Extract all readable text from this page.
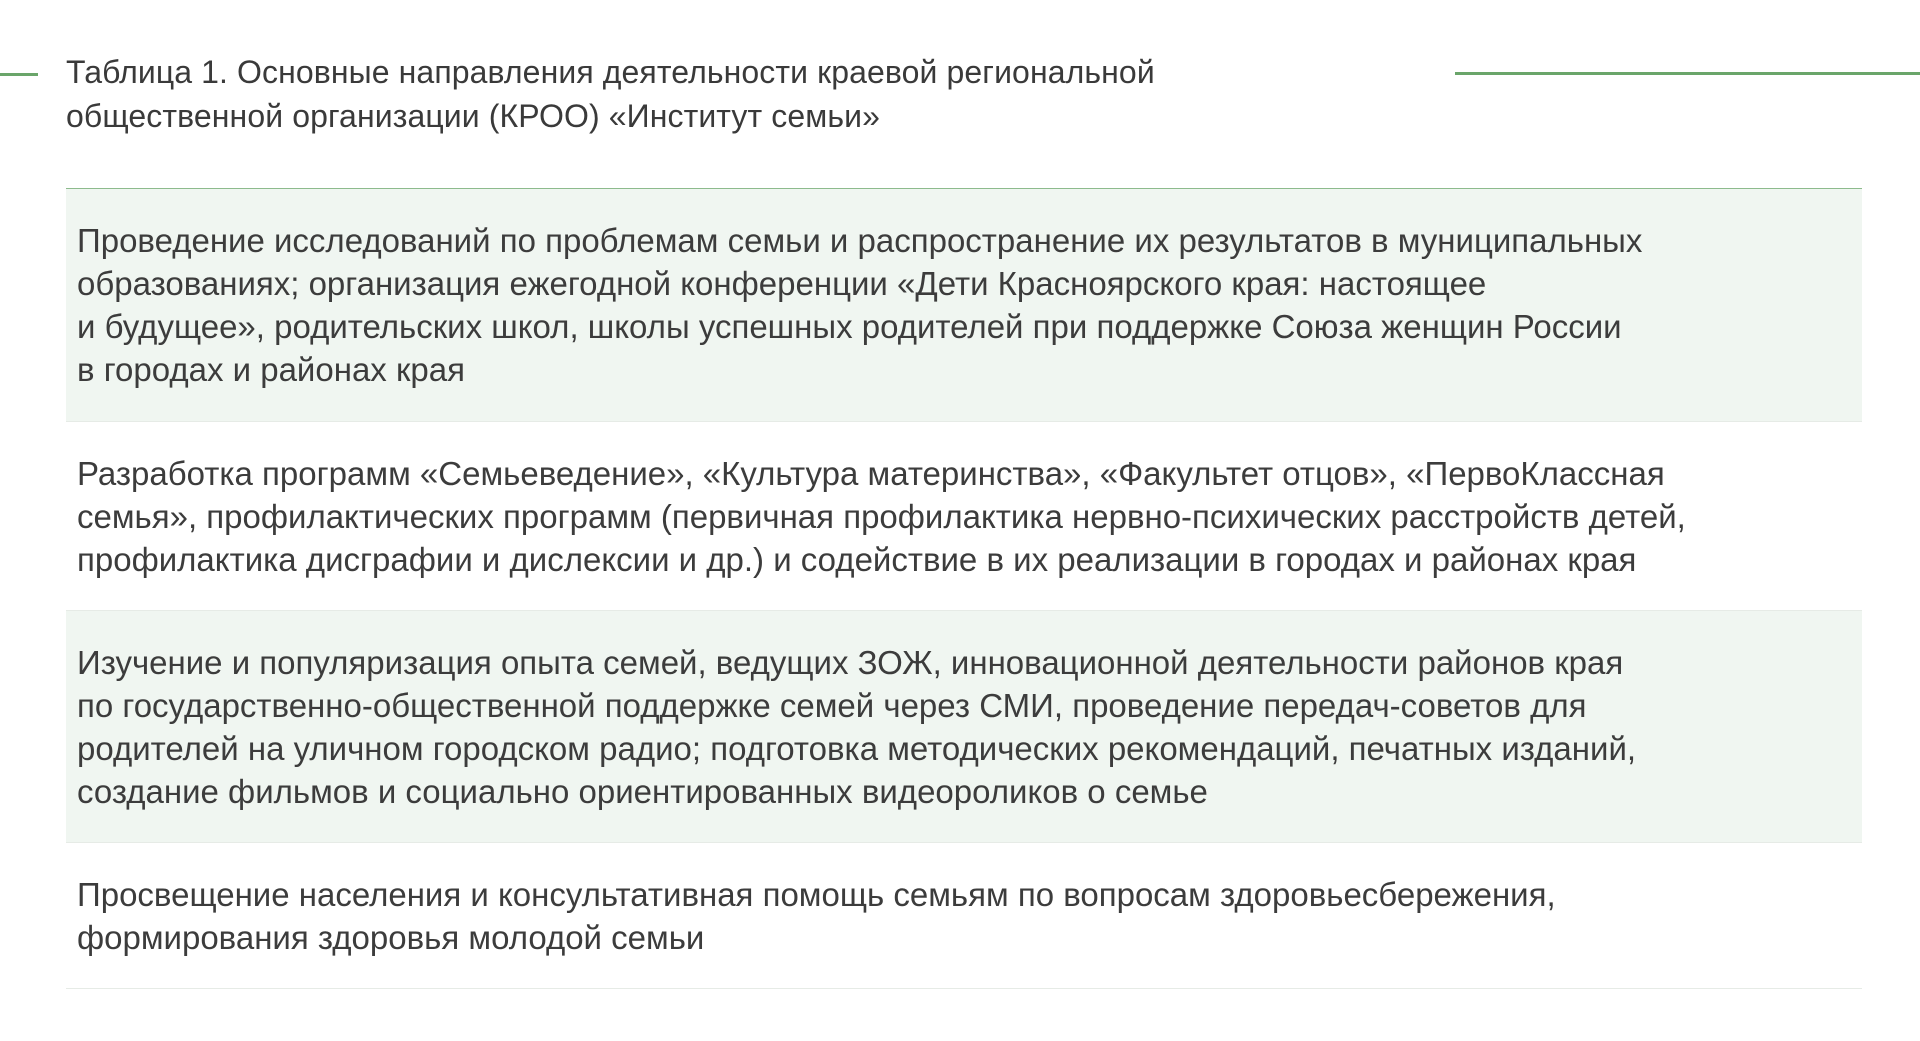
Таблица 1. Основные направления деятельности краевой региональной
общественной организации (КРОО) «Институт семьи»
Проведение исследований по проблемам семьи и распространение их результатов в муниципальных
образованиях; организация ежегодной конференции «Дети Красноярского края: настоящее
и будущее», родительских школ, школы успешных родителей при поддержке Союза женщин России
в городах и районах края
Разработка программ «Семьеведение», «Культура материнства», «Факультет отцов», «ПервоКлассная
семья», профилактических программ (первичная профилактика нервно-психических расстройств детей,
профилактика дисграфии и дислексии и др.) и содействие в их реализации в городах и районах края
Изучение и популяризация опыта семей, ведущих ЗОЖ, инновационной деятельности районов края
по государственно-общественной поддержке семей через СМИ, проведение передач-советов для
родителей на уличном городском радио; подготовка методических рекомендаций, печатных изданий,
создание фильмов и социально ориентированных видеороликов о семье
Просвещение населения и консультативная помощь семьям по вопросам здоровьесбережения,
формирования здоровья молодой семьи
